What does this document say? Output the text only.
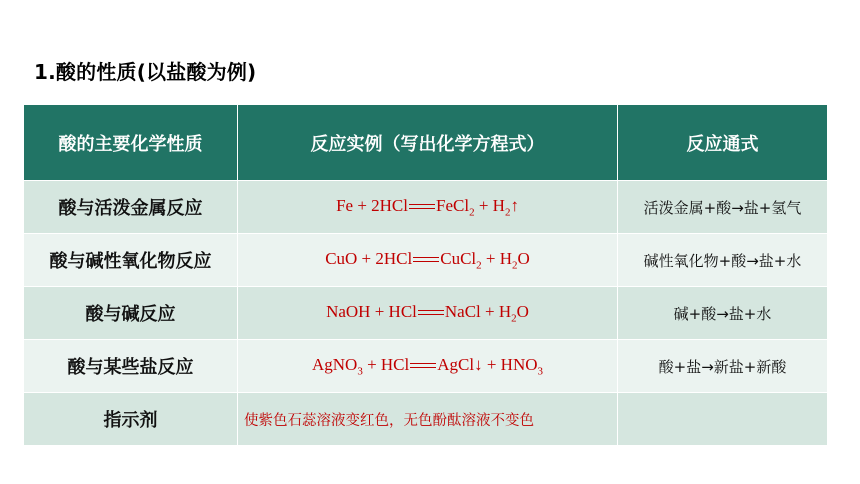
1.酸的性质(以盐酸为例)
酸的主要化学性质	反应实例（写出化学方程式）	反应通式
酸与活泼金属反应	Fe + 2HCl FeCl$_2$ + $H_2↑$	活泼金属+酸→盐+氢气
酸与碱性氧化物反应	CuO + 2HCl CuCl$_2$ + $H_2O$	碱性氧化物+酸→盐+水
酸与碱反应	NaOH + HCl NaCl + $H_2O$	碱+酸→盐+水
酸与某些盐反应	AgNO$_3$ + HCl AgCl↓ + $HNO_3$	酸+盐→新盐+新酸
指示剂	使紫色石蕊溶液变红色，无色酚酞溶液不变色	
